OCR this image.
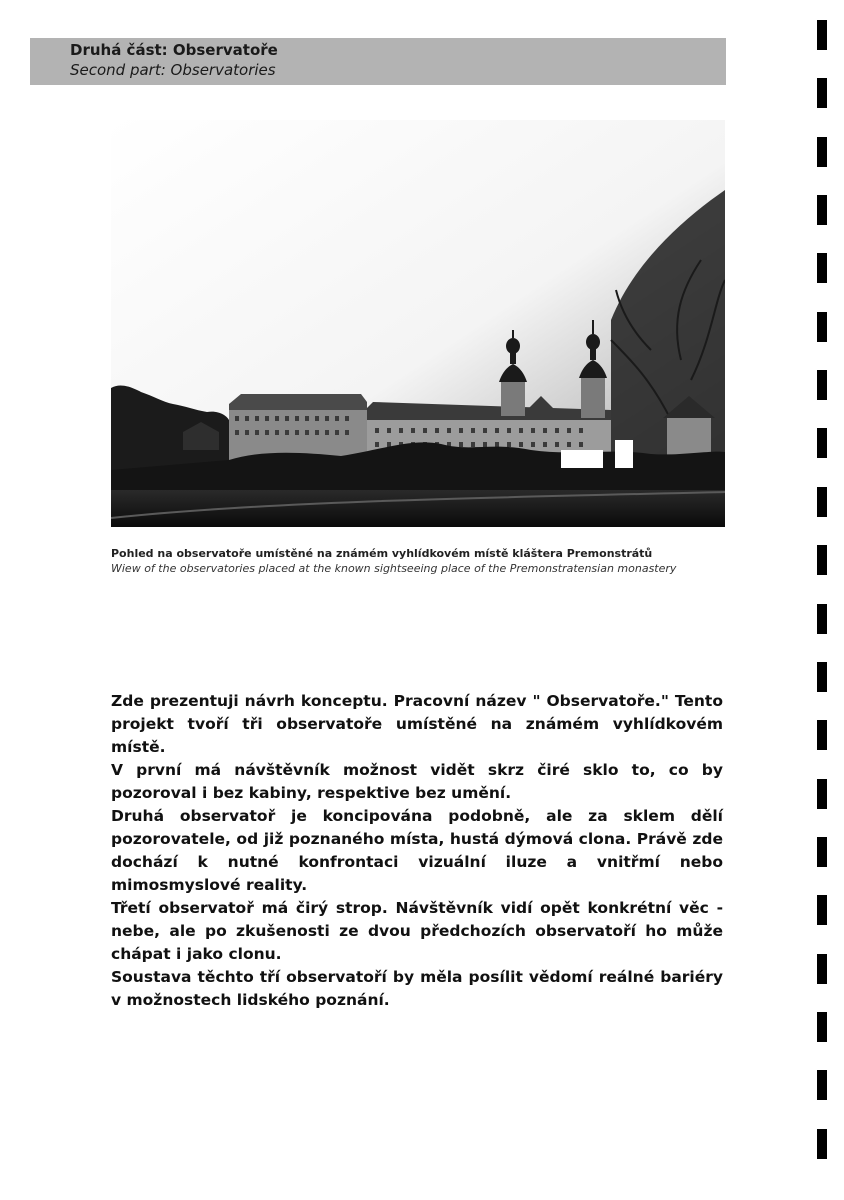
Druhá část: Observatoře
Second part: Observatories
Pohled na observatoře umístěné na známém vyhlídkovém místě kláštera Premonstrátů
Wiew of the observatories placed at the known sightseeing place of the Premonstratensian monastery

Zde prezentuji návrh konceptu. Pracovní název " Observatoře." Tento projekt tvoří tři observatoře umístěné na známém vyhlídkovém místě.

V první má návštěvník možnost vidět skrz čiré sklo to, co by pozoroval i bez kabiny, respektive bez umění.

Druhá observatoř je koncipována podobně, ale za sklem dělí pozorovatele, od již poznaného místa, hustá dýmová clona. Právě zde dochází k nutné konfrontaci vizuální iluze a vnitřmí nebo mimosmyslové reality.

Třetí observatoř má čirý strop. Návštěvník vidí opět konkrétní věc - nebe, ale po zkušenosti ze dvou předchozích observatoří ho může chápat i jako clonu.

Soustava těchto tří observatoří by měla posílit vědomí reálné bariéry v možnostech lidského poznání.
